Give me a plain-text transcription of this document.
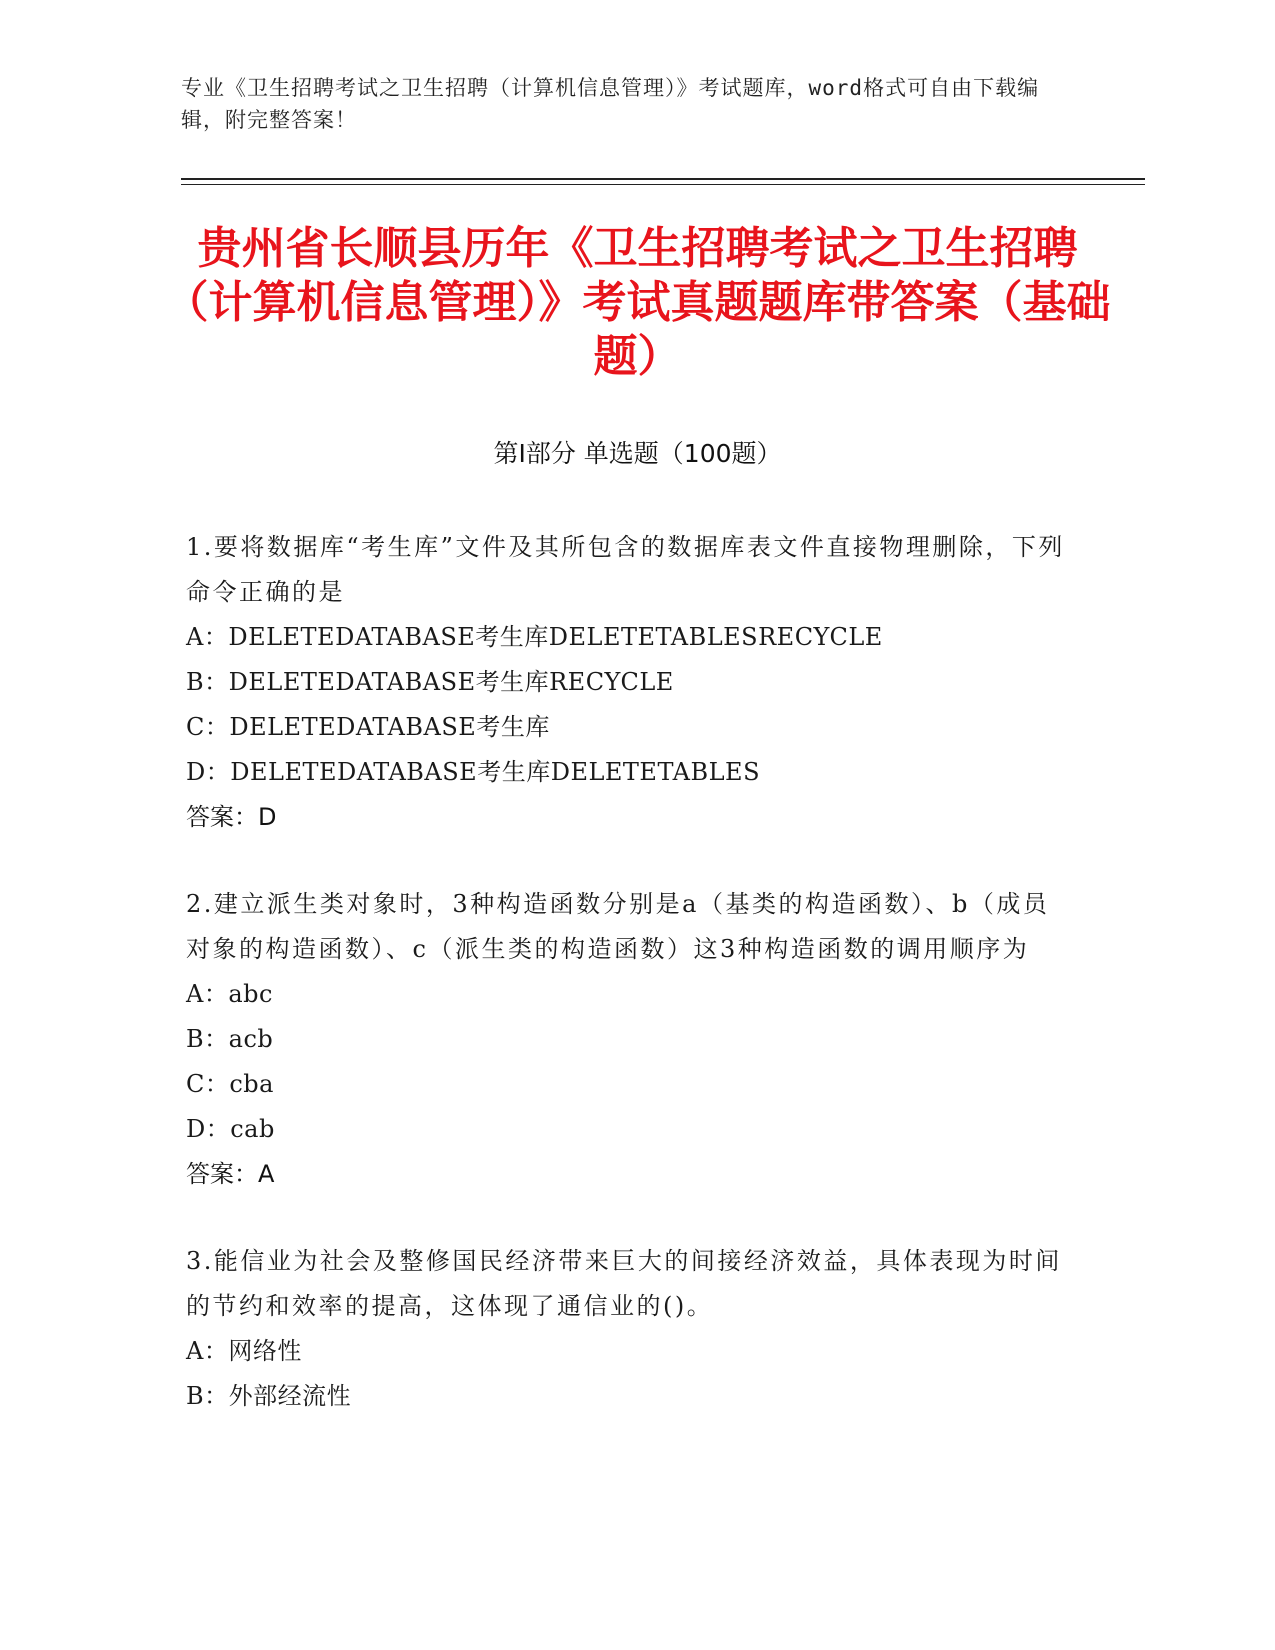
专业《卫生招聘考试之卫生招聘（计算机信息管理）》考试题库，word格式可自由下载编辑，附完整答案！
贵州省长顺县历年《卫生招聘考试之卫生招聘（计算机信息管理）》考试真题题库带答案（基础题）
第Ⅰ部分 单选题（100题）
1.要将数据库“考生库”文件及其所包含的数据库表文件直接物理删除，下列命令正确的是
A：DELETEDATABASE考生库DELETETABLESRECYCLE
B：DELETEDATABASE考生库RECYCLE
C：DELETEDATABASE考生库
D：DELETEDATABASE考生库DELETETABLES
答案：D
2.建立派生类对象时，3种构造函数分别是a（基类的构造函数）、b（成员对象的构造函数）、c（派生类的构造函数）这3种构造函数的调用顺序为
A：abc
B：acb
C：cba
D：cab
答案：A
3.能信业为社会及整修国民经济带来巨大的间接经济效益，具体表现为时间的节约和效率的提高，这体现了通信业的()。
A：网络性
B：外部经流性
